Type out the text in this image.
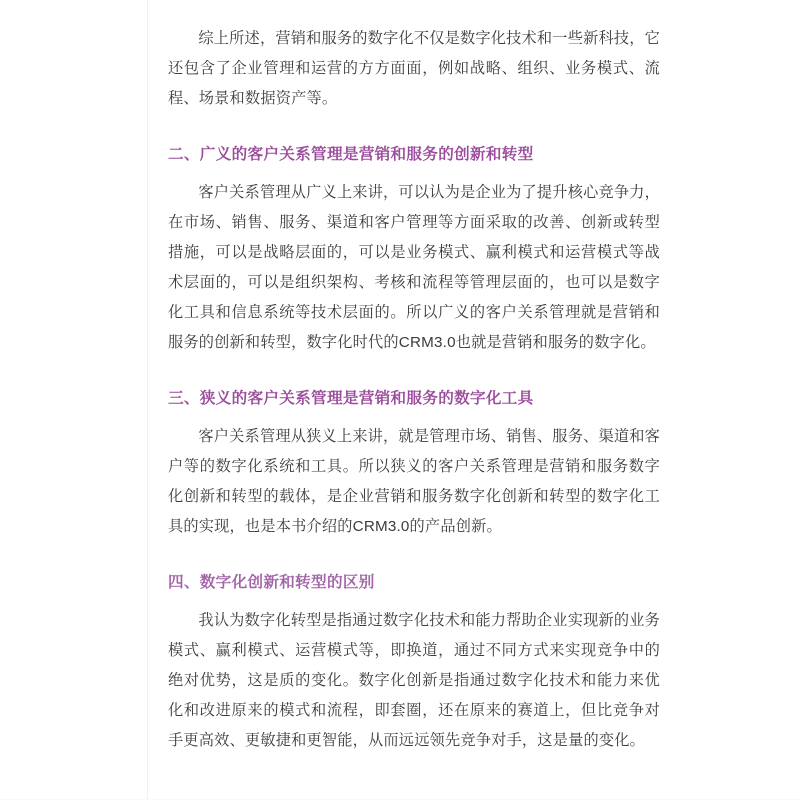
综上所述，营销和服务的数字化不仅是数字化技术和一些新科技，它还包含了企业管理和运营的方方面面，例如战略、组织、业务模式、流程、场景和数据资产等。

二、广义的客户关系管理是营销和服务的创新和转型

客户关系管理从广义上来讲，可以认为是企业为了提升核心竞争力，在市场、销售、服务、渠道和客户管理等方面采取的改善、创新或转型措施，可以是战略层面的，可以是业务模式、赢利模式和运营模式等战术层面的，可以是组织架构、考核和流程等管理层面的，也可以是数字化工具和信息系统等技术层面的。所以广义的客户关系管理就是营销和服务的创新和转型，数字化时代的CRM3.0也就是营销和服务的数字化。

三、狭义的客户关系管理是营销和服务的数字化工具

客户关系管理从狭义上来讲，就是管理市场、销售、服务、渠道和客户等的数字化系统和工具。所以狭义的客户关系管理是营销和服务数字化创新和转型的载体，是企业营销和服务数字化创新和转型的数字化工具的实现，也是本书介绍的CRM3.0的产品创新。

四、数字化创新和转型的区别

我认为数字化转型是指通过数字化技术和能力帮助企业实现新的业务模式、赢利模式、运营模式等，即换道，通过不同方式来实现竞争中的绝对优势，这是质的变化。数字化创新是指通过数字化技术和能力来优化和改进原来的模式和流程，即套圈，还在原来的赛道上，但比竞争对手更高效、更敏捷和更智能，从而远远领先竞争对手，这是量的变化。
